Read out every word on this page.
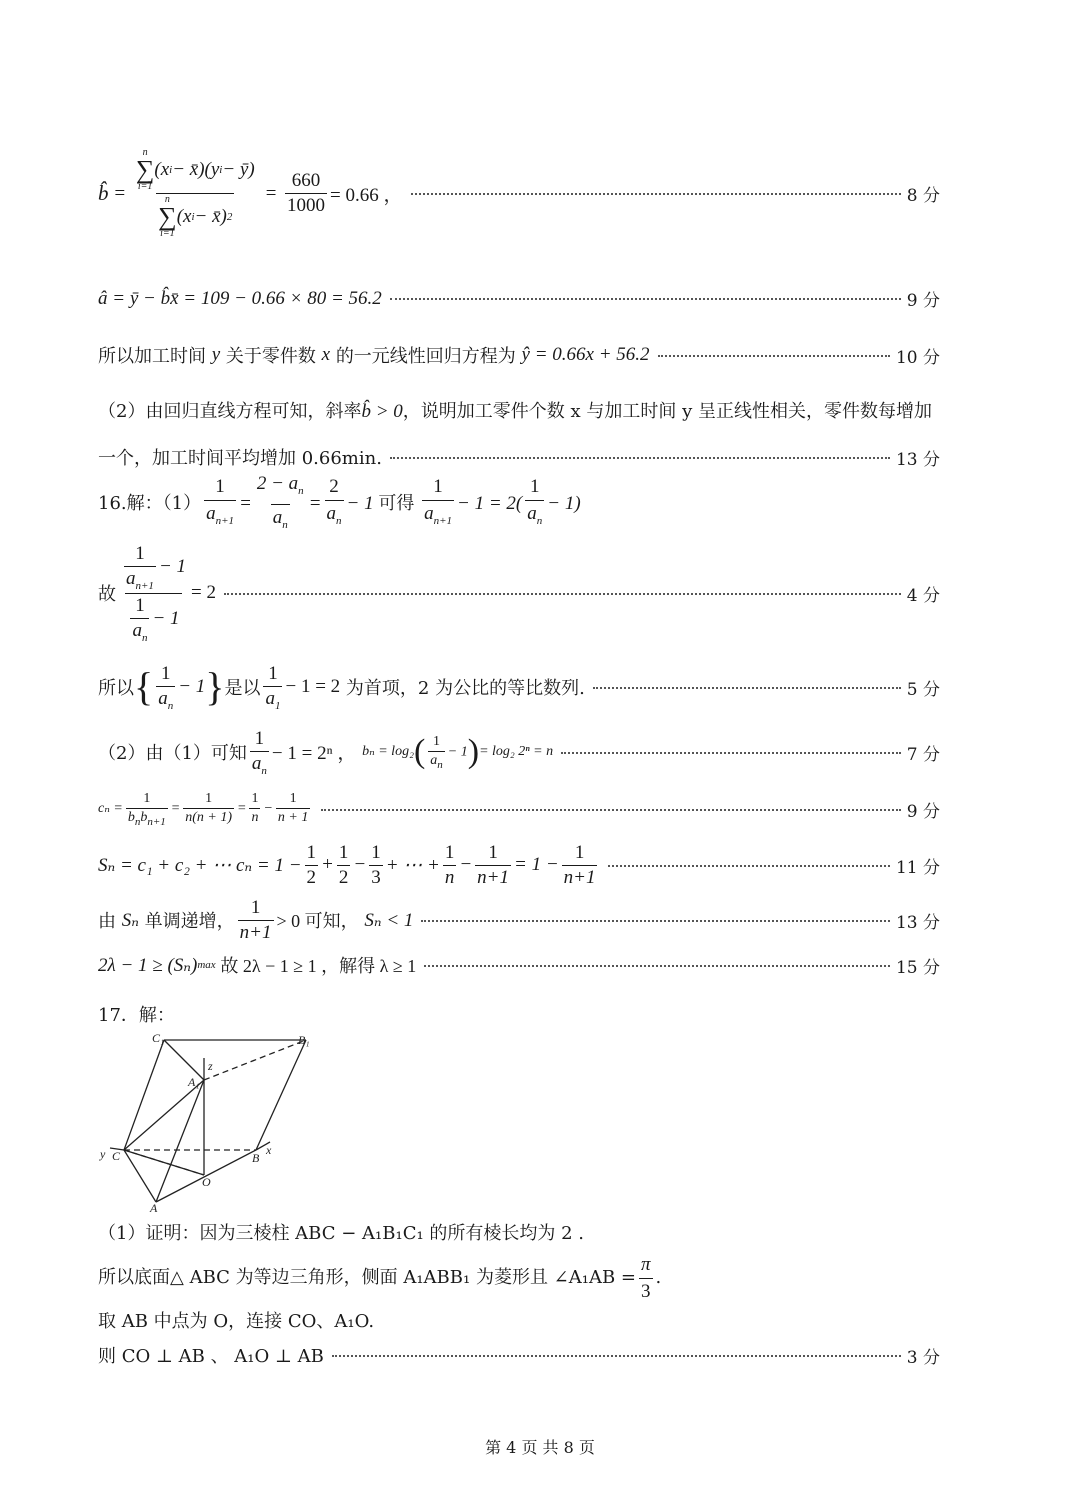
b̂ = n
∑
i=1
(x i − x̄)(y i − ȳ)
n
∑
i=1
(x i − x̄) $2 = \frac{660}{1000} = 0.66$ ，	8 分
â = ȳ − b̂x̄ = 109 − 0.66 × 80 = 56.2	9 分
所以加工时间
y
关于零件数
x
的一元线性回归方程为
ŷ = 0.66x + 56.2	10 分
（2）由回归直线方程可知，斜率b̂ > 0，说明加工零件个数 x 与加工时间 y 呈正线性相关，零件数每增加
一个，加工时间平均增加 0.66min.	13 分
16.解：$(1) \frac{1}{a_{n+1}} = \frac{2 - a_n}{a_n} = \frac{2}{a_n} - 1$ 可得
$\frac{1}{a_{n+1}} - 1 = 2( \frac{1}{a_n} - 1)$
故 $\frac{\frac{1}{a_{n+1}} - 1}{\frac{1}{a_n} - 1} = 2$	4 分
所以 { $\frac{1}{a_n} - 1$ } 是以 $\frac{1}{a_1} - 1 = 2$
为首项，2 为公比的等比数列.	5 分
（2）由（1）可知 $\frac{1}{a_n} - 1 = 2^n$ ，
bₙ = log₂ ( $\frac{1}{a_n} - 1$ ) = log₂ 2ⁿ = n	7 分
$c_n = \frac{1}{b_nb_{n+1}} = \frac{1}{n(n + 1)} = \frac{1}{n} - \frac{1}{n + 1}$	9 分
Sₙ = c₁ + c₂ + ⋯ $c_n = 1 - \frac{1}{2} + \frac{1}{2} - \frac{1}{3}$ + ⋯ + $\frac{1}{n} - \frac{1}{n+1} = 1 - \frac{1}{n+1}$	11 分
由
Sₙ
单调递增， $\frac{1}{n+1} > 0$ 可知，
Sₙ < 1	13 分
2λ − 1 ≥ (Sₙ) max
故 2λ − 1 ≥ 1 ，解得 λ ≥ 1	15 分
17．解：
C₁	B₁
A₁
z
y C	B
x
O
A
（1）证明：因为三棱柱 ABC − A₁B₁C₁ 的所有棱长均为 2 .
所以底面△ ABC 为等边三角形，侧面 A₁ABB₁ 为菱形且 ∠A₁AB = $\frac{\pi}{3}$ .
取 AB 中点为 O，连接 CO、A₁O.
则 CO ⊥ AB 、 A₁O ⊥ AB	3 分
第 4 页 共 8 页
